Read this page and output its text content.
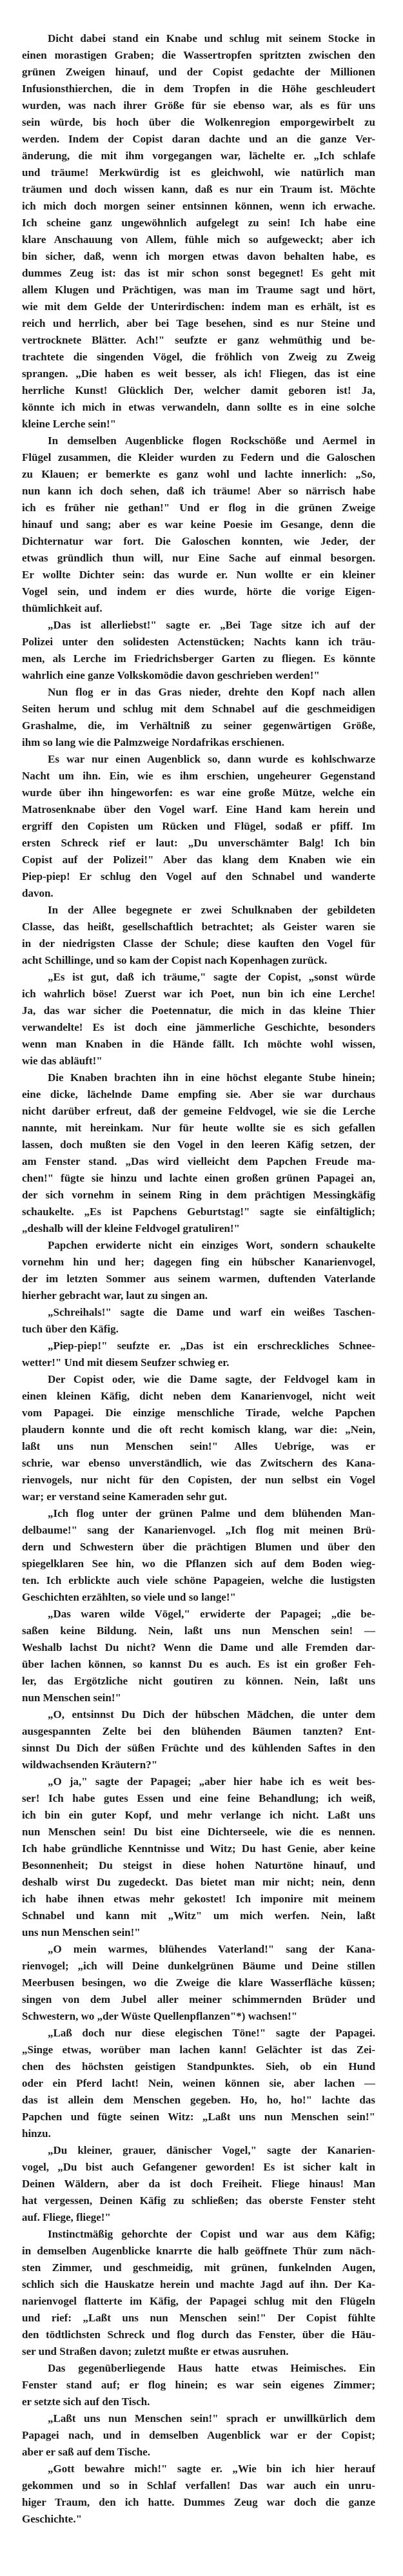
Dicht dabei stand ein Knabe und schlug mit seinem Stocke in
einen morastigen Graben; die Wassertropfen spritzten zwischen den
grünen Zweigen hinauf, und der Copist gedachte der Millionen
Infusionsthierchen, die in dem Tropfen in die Höhe geschleudert
wurden, was nach ihrer Größe für sie ebenso war, als es für uns
sein würde, bis hoch über die Wolkenregion emporgewirbelt zu
werden. Indem der Copist daran dachte und an die ganze Ver-
änderung, die mit ihm vorgegangen war, lächelte er. „Ich schlafe
und träume! Merkwürdig ist es gleichwohl, wie natürlich man
träumen und doch wissen kann, daß es nur ein Traum ist. Möchte
ich mich doch morgen seiner entsinnen können, wenn ich erwache.
Ich scheine ganz ungewöhnlich aufgelegt zu sein! Ich habe eine
klare Anschauung von Allem, fühle mich so aufgeweckt; aber ich
bin sicher, daß, wenn ich morgen etwas davon behalten habe, es
dummes Zeug ist: das ist mir schon sonst begegnet! Es geht mit
allem Klugen und Prächtigen, was man im Traume sagt und hört,
wie mit dem Gelde der Unterirdischen: indem man es erhält, ist es
reich und herrlich, aber bei Tage besehen, sind es nur Steine und
vertrocknete Blätter. Ach!" seufzte er ganz wehmüthig und be-
trachtete die singenden Vögel, die fröhlich von Zweig zu Zweig
sprangen. „Die haben es weit besser, als ich! Fliegen, das ist eine
herrliche Kunst! Glücklich Der, welcher damit geboren ist! Ja,
könnte ich mich in etwas verwandeln, dann sollte es in eine solche
kleine Lerche sein!"
In demselben Augenblicke flogen Rockschöße und Aermel in
Flügel zusammen, die Kleider wurden zu Federn und die Galoschen
zu Klauen; er bemerkte es ganz wohl und lachte innerlich: „So,
nun kann ich doch sehen, daß ich träume! Aber so närrisch habe
ich es früher nie gethan!" Und er flog in die grünen Zweige
hinauf und sang; aber es war keine Poesie im Gesange, denn die
Dichternatur war fort. Die Galoschen konnten, wie Jeder, der
etwas gründlich thun will, nur Eine Sache auf einmal besorgen.
Er wollte Dichter sein: das wurde er. Nun wollte er ein kleiner
Vogel sein, und indem er dies wurde, hörte die vorige Eigen-
thümlichkeit auf.
„Das ist allerliebst!" sagte er. „Bei Tage sitze ich auf der
Polizei unter den solidesten Actenstücken; Nachts kann ich träu-
men, als Lerche im Friedrichsberger Garten zu fliegen. Es könnte
wahrlich eine ganze Volkskomödie davon geschrieben werden!"
Nun flog er in das Gras nieder, drehte den Kopf nach allen
Seiten herum und schlug mit dem Schnabel auf die geschmeidigen
Grashalme, die, im Verhältniß zu seiner gegenwärtigen Größe,
ihm so lang wie die Palmzweige Nordafrikas erschienen.
Es war nur einen Augenblick so, dann wurde es kohlschwarze
Nacht um ihn. Ein, wie es ihm erschien, ungeheurer Gegenstand
wurde über ihn hingeworfen: es war eine große Mütze, welche ein
Matrosenknabe über den Vogel warf. Eine Hand kam herein und
ergriff den Copisten um Rücken und Flügel, sodaß er pfiff. Im
ersten Schreck rief er laut: „Du unverschämter Balg! Ich bin
Copist auf der Polizei!" Aber das klang dem Knaben wie ein
Piep-piep! Er schlug den Vogel auf den Schnabel und wanderte
davon.
In der Allee begegnete er zwei Schulknaben der gebildeten
Classe, das heißt, gesellschaftlich betrachtet; als Geister waren sie
in der niedrigsten Classe der Schule; diese kauften den Vogel für
acht Schillinge, und so kam der Copist nach Kopenhagen zurück.
„Es ist gut, daß ich träume," sagte der Copist, „sonst würde
ich wahrlich böse! Zuerst war ich Poet, nun bin ich eine Lerche!
Ja, das war sicher die Poetennatur, die mich in das kleine Thier
verwandelte! Es ist doch eine jämmerliche Geschichte, besonders
wenn man Knaben in die Hände fällt. Ich möchte wohl wissen,
wie das abläuft!"
Die Knaben brachten ihn in eine höchst elegante Stube hinein;
eine dicke, lächelnde Dame empfing sie. Aber sie war durchaus
nicht darüber erfreut, daß der gemeine Feldvogel, wie sie die Lerche
nannte, mit hereinkam. Nur für heute wollte sie es sich gefallen
lassen, doch mußten sie den Vogel in den leeren Käfig setzen, der
am Fenster stand. „Das wird vielleicht dem Papchen Freude ma-
chen!" fügte sie hinzu und lachte einen großen grünen Papagei an,
der sich vornehm in seinem Ring in dem prächtigen Messingkäfig
schaukelte. „Es ist Papchens Geburtstag!" sagte sie einfältiglich;
„deshalb will der kleine Feldvogel gratuliren!"
Papchen erwiderte nicht ein einziges Wort, sondern schaukelte
vornehm hin und her; dagegen fing ein hübscher Kanarienvogel,
der im letzten Sommer aus seinem warmen, duftenden Vaterlande
hierher gebracht war, laut zu singen an.
„Schreihals!" sagte die Dame und warf ein weißes Taschen-
tuch über den Käfig.
„Piep-piep!" seufzte er. „Das ist ein erschreckliches Schnee-
wetter!" Und mit diesem Seufzer schwieg er.
Der Copist oder, wie die Dame sagte, der Feldvogel kam in
einen kleinen Käfig, dicht neben dem Kanarienvogel, nicht weit
vom Papagei. Die einzige menschliche Tirade, welche Papchen
plaudern konnte und die oft recht komisch klang, war die: „Nein,
laßt uns nun Menschen sein!" Alles Uebrige, was er
schrie, war ebenso unverständlich, wie das Zwitschern des Kana-
rienvogels, nur nicht für den Copisten, der nun selbst ein Vogel
war; er verstand seine Kameraden sehr gut.
„Ich flog unter der grünen Palme und dem blühenden Man-
delbaume!" sang der Kanarienvogel. „Ich flog mit meinen Brü-
dern und Schwestern über die prächtigen Blumen und über den
spiegelklaren See hin, wo die Pflanzen sich auf dem Boden wieg-
ten. Ich erblickte auch viele schöne Papageien, welche die lustigsten
Geschichten erzählten, so viele und so lange!"
„Das waren wilde Vögel," erwiderte der Papagei; „die be-
saßen keine Bildung. Nein, laßt uns nun Menschen sein! —
Weshalb lachst Du nicht? Wenn die Dame und alle Fremden dar-
über lachen können, so kannst Du es auch. Es ist ein großer Feh-
ler, das Ergötzliche nicht goutiren zu können. Nein, laßt uns
nun Menschen sein!"
„O, entsinnst Du Dich der hübschen Mädchen, die unter dem
ausgespannten Zelte bei den blühenden Bäumen tanzten? Ent-
sinnst Du Dich der süßen Früchte und des kühlenden Saftes in den
wildwachsenden Kräutern?"
„O ja," sagte der Papagei; „aber hier habe ich es weit bes-
ser! Ich habe gutes Essen und eine feine Behandlung; ich weiß,
ich bin ein guter Kopf, und mehr verlange ich nicht. Laßt uns
nun Menschen sein! Du bist eine Dichterseele, wie die es nennen.
Ich habe gründliche Kenntnisse und Witz; Du hast Genie, aber keine
Besonnenheit; Du steigst in diese hohen Naturtöne hinauf, und
deshalb wirst Du zugedeckt. Das bietet man mir nicht; nein, denn
ich habe ihnen etwas mehr gekostet! Ich imponire mit meinem
Schnabel und kann mit „Witz" um mich werfen. Nein, laßt
uns nun Menschen sein!"
„O mein warmes, blühendes Vaterland!" sang der Kana-
rienvogel; „ich will Deine dunkelgrünen Bäume und Deine stillen
Meerbusen besingen, wo die Zweige die klare Wasserfläche küssen;
singen von dem Jubel aller meiner schimmernden Brüder und
Schwestern, wo „der Wüste Quellenpflanzen"*) wachsen!"
„Laß doch nur diese elegischen Töne!" sagte der Papagei.
„Singe etwas, worüber man lachen kann! Gelächter ist das Zei-
chen des höchsten geistigen Standpunktes. Sieh, ob ein Hund
oder ein Pferd lacht! Nein, weinen können sie, aber lachen —
das ist allein dem Menschen gegeben. Ho, ho, ho!" lachte das
Papchen und fügte seinen Witz: „Laßt uns nun Menschen sein!"
hinzu.
„Du kleiner, grauer, dänischer Vogel," sagte der Kanarien-
vogel, „Du bist auch Gefangener geworden! Es ist sicher kalt in
Deinen Wäldern, aber da ist doch Freiheit. Fliege hinaus! Man
hat vergessen, Deinen Käfig zu schließen; das oberste Fenster steht
auf. Fliege, fliege!"
Instinctmäßig gehorchte der Copist und war aus dem Käfig;
in demselben Augenblicke knarrte die halb geöffnete Thür zum näch-
sten Zimmer, und geschmeidig, mit grünen, funkelnden Augen,
schlich sich die Hauskatze herein und machte Jagd auf ihn. Der Ka-
narienvogel flatterte im Käfig, der Papagei schlug mit den Flügeln
und rief: „Laßt uns nun Menschen sein!" Der Copist fühlte
den tödtlichsten Schreck und flog durch das Fenster, über die Häu-
ser und Straßen davon; zuletzt mußte er etwas ausruhen.
Das gegenüberliegende Haus hatte etwas Heimisches. Ein
Fenster stand auf; er flog hinein; es war sein eigenes Zimmer;
er setzte sich auf den Tisch.
„Laßt uns nun Menschen sein!" sprach er unwillkürlich dem
Papagei nach, und in demselben Augenblick war er der Copist;
aber er saß auf dem Tische.
„Gott bewahre mich!" sagte er. „Wie bin ich hier herauf
gekommen und so in Schlaf verfallen! Das war auch ein unru-
higer Traum, den ich hatte. Dummes Zeug war doch die ganze
Geschichte."
